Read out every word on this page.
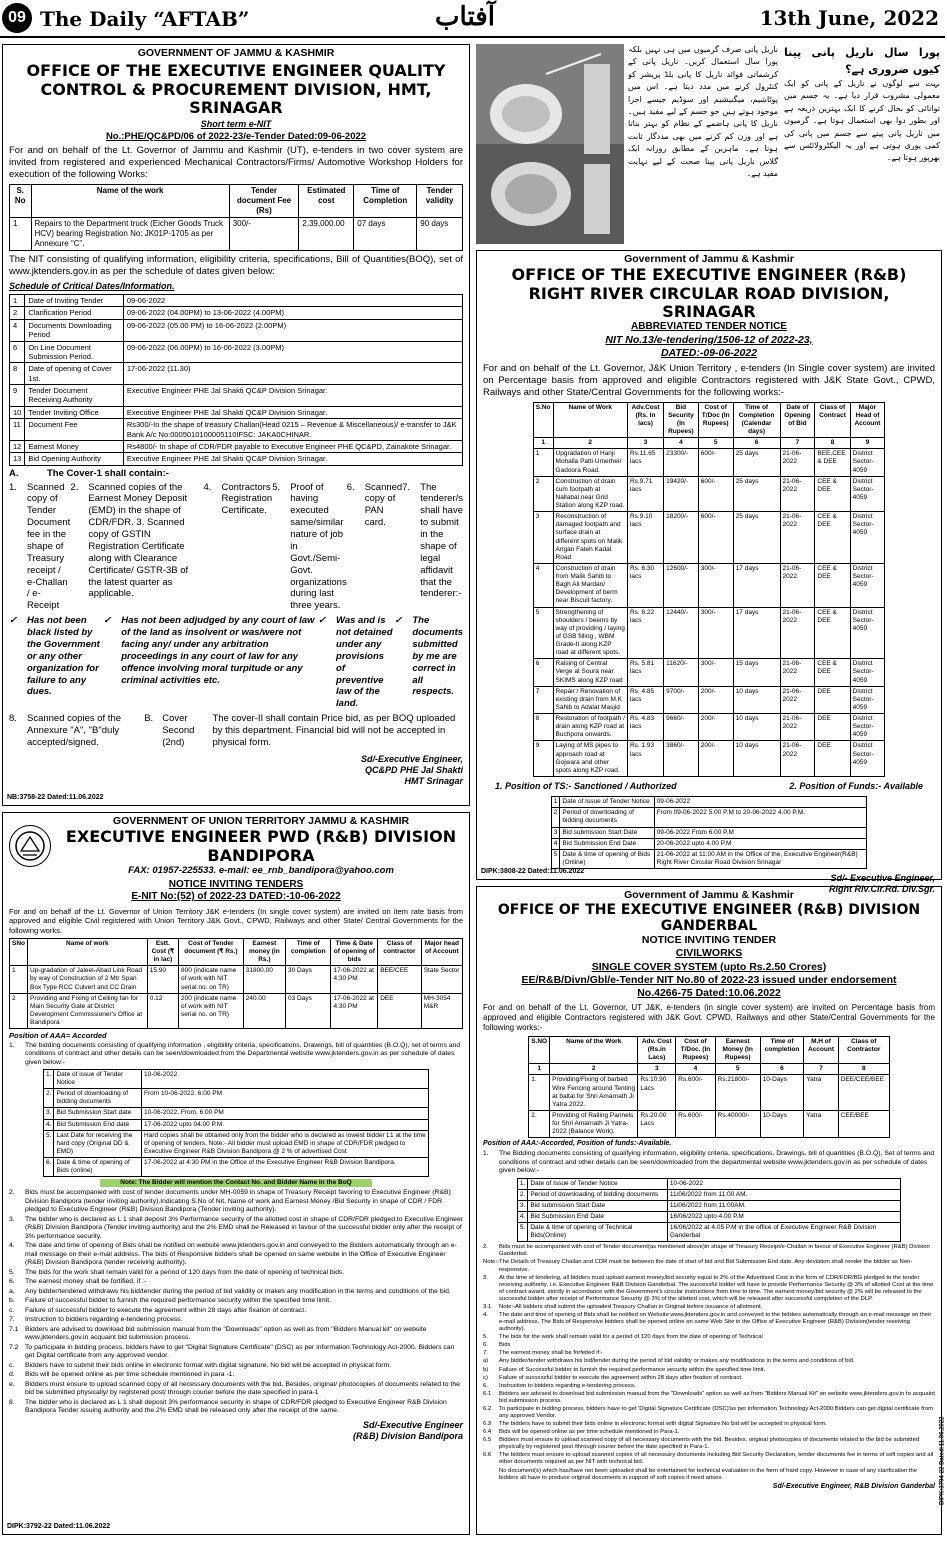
09 The Daily “AFTAB”	آفتاب	13th June, 2022
ناریل پانی صرف گرمیوں میں ہی نہیں بلکہ پورا سال استعمال کریں۔ ناریل پانی کے کرشماتی فوائد ناریل کا پانی بلڈ پریشر کو کنٹرول کرنے میں مدد دیتا ہے۔ اس میں پوٹاشیم، میگنیشیم اور سوڈیم جیسے اجزا موجود ہوتے ہیں جو جسم کے لیے مفید ہیں۔ ناریل کا پانی ہاضمے کے نظام کو بہتر بناتا ہے اور وزن کم کرنے میں بھی مددگار ثابت ہوتا ہے۔ ماہرین کے مطابق روزانہ ایک گلاس ناریل پانی پینا صحت کے لیے نہایت مفید ہے۔
پورا سال ناریل پانی پینا کیوں ضروری ہے؟
بہت سے لوگوں نے ناریل کے پانی کو ایک معمولی مشروب قرار دیا ہے۔ یہ جسم میں توانائی کو بحال کرنے کا ایک بہترین ذریعہ ہے اور بطور دوا بھی استعمال ہوتا ہے۔ گرمیوں میں ناریل پانی پینے سے جسم میں پانی کی کمی پوری ہوتی ہے اور یہ الیکٹرولائٹس سے بھرپور ہوتا ہے۔
GOVERNMENT OF JAMMU & KASHMIR
OFFICE OF THE EXECUTIVE ENGINEER QUALITY CONTROL & PROCUREMENT DIVISION, HMT, SRINAGAR
Short term e-NIT
No.:PHE/QC&PD/06 of 2022-23/e-Tender Dated:09-06-2022

For and on behalf of the Lt. Governor of Jammu and Kashmir (UT), e-tenders in two cover system are invited from registered and experienced Mechanical Contractors/Firms/ Automotive Workshop Holders for execution of the following Works:

S. No	Name of the work	Tender document Fee (Rs)	Estimated cost	Time of Completion	Tender validity
1	Repairs to the Department truck (Eicher Goods Truck HCV) bearing Registration No: JK01P-1705 as per Annexure “C”.	300/-	2,39,000.00	07 days	90 days

The NIT consisting of qualifying information, eligibility criteria, specifications, Bill of Quantities(BOQ), set of www.jktenders.gov.in as per the schedule of dates given below:

Schedule of Critical Dates/Information.
1	Date of Inviting Tender	09-06-2022
2	Clarification Period	09-06-2022 (04.00PM) to 13-06-2022 (4.00PM)
4	Documents Downloading Period	09-06-2022 (05.00 PM) to 16-06-2022 (2.00PM)
6	On Line Document Submission Period.	09-06-2022 (06.00PM) to 16-06-2022 (3.00PM)
8	Date of opening of Cover 1st.	17-06-2022 (11.30)
9	Tender Document Receiving Authority	Executive Engineer PHE Jal Shakti QC&P Division Srinagar.
10	Tender Inviting Office	Executive Engineer PHE Jal Shakti QC&P Division Srinagar.
11	Document Fee	Rs300/-In the shape of treasury Challan(Head 0215 – Revenue & Miscellaneous)/ e-transfer to J&K Bank A/c No:0005010100005110IFSC: JAKA0CHINAR.
12	Earnest Money	Rs4800/- In shape of CDR/FDR payable to Executive Engineer PHE QC&PD, Zainakote Srinagar.
13	Bid Opening Authority	Executive Engineer PHE Jal Shakti QC&P Division Srinagar.
A.	The Cover-1 shall contain:-
1.	Scanned copy of Tender Document fee in the shape of Treasury receipt / e-Challan / e-Receipt
2.	Scanned copies of the Earnest Money Deposit (EMD) in the shape of CDR/FDR. 3. Scanned copy of GSTIN Registration Certificate along with Clearance Certificate/ GSTR-3B of the latest quarter as applicable.
4.	Contractors Registration Certificate.
5.	Proof of having executed same/similar nature of job in Govt./Semi-Govt. organizations during last three years.
6.	Scanned copy of PAN card.
7.	The tenderer/s shall have to submit in the shape of legal affidavit that the tenderer:-
✓	Has not been black listed by the Government or any other organization for failure to any dues.
✓	Has not been adjudged by any court of law of the land as insolvent or was/were not facing any/ under any arbitration proceedings in any court of law for any offence involving moral turpitude or any criminal activities etc.
✓	Was and is not detained under any provisions of preventive law of the land.
✓	The documents submitted by me are correct in all respects.
8.	Scanned copies of the Annexure "A", "B"duly accepted/signed.
B. Cover Second (2nd)
The cover-II shall contain Price bid, as per BOQ uploaded by this department. Financial bid will not be accepted in physical form.
Sd/-Executive Engineer,
QC&PD PHE Jal Shakti
HMT Srinagar
NB:3758-22 Dated:11.06.2022
GOVERNMENT OF UNION TERRITORY JAMMU & KASHMIR
EXECUTIVE ENGINEER PWD (R&B) DIVISION BANDIPORA
FAX: 01957-225533. e-mail: ee_rnb_bandipora@yahoo.com
NOTICE INVITING TENDERS
E-NIT No:(52) of 2022-23 DATED:-10-06-2022

For and on behalf of the Lt. Governor of Union Territory J&K e-tenders (In single cover system) are invited on item rate basis from approved and eligible Civil registered with Union Territory J&K Govt., CPWD, Railways and other State/ Central Governments for the following works.

SNo	Name of work	Estt. Cost (₹ in lac)	Cost of Tender document (₹ Rs.)	Earnest money (in Rs.)	Time of completion	Time & Date of opening of bids	Class of contractor	Major head of Account
1	Up-gradation of Jaleel-Abad Link Road by way of Construction of 2 Mtr Span Box Type RCC Culvert and CC Drain	15.90	800 (indicate name of work with NIT serial no. on TR)	31800.00	30 Days	17-06-2022 at 4:30 PM	BEE/CEE	State Sector
2	Providing and Fixing of Ceiling fan for Main Security Gate at District Development Commissioner's Office at Bandipora	0.12	200 (indicate name of work with NIT serial no. on TR)	240.00	03 Days	17-06-2022 at 4:30 PM	DEE	MH-3054 M&R
Position of AAA= Accorded
1.	The bidding documents consisting of qualifying information , eligibility criteria, specifications, Drawings, bill of quantities (B.O.Q), set of terms and conditions of contract and other details can be seen/downloaded from the Departmental website www.jktenders.gov.in as per schedule of dates given below:-
1.	Date of issue of Tender Notice	10-06-2022
2.	Period of downloading of bidding documents	From 10-06-2022. 6:00 PM
3.	Bid Submission Start date	10-06-2022. From. 6:00 PM
4.	Bid Submission End date	17-06-2022 upto 04.00 P.M.
5.	Last Date for receiving the hard copy (Original DD & EMD)	Hard copies shall be obtained only from the bidder who is declared as lowest bidder L1 at the time of opening of tenders. Note:- All bidder must upload EMD in shape of CDR/FDR pledged to Executive Engineer R&B Division Bandipora @ 2 % of advertised Cost
6.	Date & time of opening of Bids (online)	17-06-2022 at 4:30 PM in the Office of the Executive Engineer R&B Division Bandipora.
Note: The Bidder will mention the Contact No. and Bidder Name in the BoQ
2.	Bids must be accompanied with cost of tender documents under MH-0059 in shape of Treasury Receipt favoring to Executive Engineer (R&B) Division Bandipora (tender inviting authority).Indicating S.No of Nit, Name of work and Earnest Money /Bid Security in shape of CDR / FDR pledged to Executive Engineer (R&B) Division Bandipora (Tender inviting authority).
3.	The bidder who is declared as L 1 shall deposit 3% Performance security of the allotted cost in shape of CDR/FDR pledged to Executive Engineer (R&B) Division Bandipora (Tender inviting authority) and the 2% EMD shall be Released in favour of the successful bidder only after the receipt of 3% performance security.
4.	The date and time of opening of Bids shall be notified on website www.jktenders.gov.in and conveyed to the Bidders automatically through an e-mail message on their e-mail address. The bids of Responsive bidders shall be opened on same website in the Office of Executive Engineer (R&B) Division Bandipora (tender receiving authority).
5.	The bids for the work shall remain valid for a period of 120 days from the date of opening of technical bids.
6.	The earnest money shall be fortified, if :-
a.	Any bidder/tendered withdraws his bid/tender during the period of bid validity or makes any modification in the terms and conditions of the bid.
b.	Failure of successful bidder to furnish the required performance security within the specified time limit.
c.	Failure of successful bidder to execute the agreement within 28 days after fixation of contract.
7.	Instruction to bidders regarding e-tendering process.
7.1 Bidders are advised to download bid submission manual from the "Downloads" option as well as from "Bidders Manual kit" on website www.jktenders.gov.in acquaint bid submission process.
7.2 To participate in bidding process, bidders have to get "Digital Signature Certificate" (DSC) as per information Technology Act-2000. Bidders can get Digital certificate from any approved vendor.
c.	Bidders have to submit their bids online in electronic format with digital signature. No bid will be accepted in physical form.
d.	Bids will be opened online as per time schedule mentioned in para -1.
e.	Bidders must ensure to upload scanned copy of all necessary documents with the bid. Besides, original/ photocopies of documents related to the bid be submitted physically/ by registered post/ through courier before the date specified in para-1
8.	The bidder who is declared as L 1 shall deposit 3% performance security in shape of CDR/FDR pledged to Executive Engineer R&B Division Bandipora Tender issuing authority and the 2% EMD shall be released only after the receipt of the same.
Sd/-Executive Engineer
(R&B) Division Bandipora
DIPK:3792-22 Dated:11.06.2022
Government of Jammu & Kashmir
OFFICE OF THE EXECUTIVE ENGINEER (R&B) RIGHT RIVER CIRCULAR ROAD DIVISION, SRINAGAR
ABBREVIATED TENDER NOTICE
NIT No.13/e-tendering/1506-12 of 2022-23,
DATED:-09-06-2022

For and on behalf of the Lt. Governor, J&K Union Territory , e-tenders (In Single cover system) are invited on Percentage basis from approved and eligible Contractors registered with J&K State Govt., CPWD, Railways and other State/Central Governments for the following works:-

S.No	Name of Work	Adv.Cost (Rs. In lacs)	Bid Security (In Rupees)	Cost of T/Doc (In Rupees)	Time of Completion (Calendar days)	Date of Opening of Bid	Class of Contract	Major Head of Account
1	2	3	4	5	6	7	8	9
1	Upgradation of Hanji Mohalla Patti Umerheir Gadoora Road.	Rs.11.65 lacs	23300/-	600/-	25 days	21-06-2022	BEE,CEE & DEE	District Sector-4059
2	Construction of drain cum footpath at Nallabal near Grid Station along KZP road.	Rs.9.71 lacs	19420/-	600/-	25 days	21-06-2022	CEE & DEE	District Sector-4059
3	Reconstruction of damaged footpath and surface drain at different spots on Malik Angan Fateh Kadal Road	Rs.9.10 lacs	18200/-	600/-	25 days	21-06-2022	CEE & DEE	District Sector-4059
4	Construction of drain from Malik Sahib to Bagh Ali Mardan/ Development of berm near Biscuit factory.	Rs. 6.30 lacs	12600/-	300/-	17 days	21-06-2022	CEE & DEE	District Sector-4059
5	Strengthening of shoulders / beems by way of providing / laying of GSB filling , WBM Grade-II along KZP road at different spots.	Rs. 6.22 lacs	12440/-	300/-	17 days	21-06-2022	CEE & DEE	District Sector-4059
6	Raising of Central Verge at Soura near SKIMS along KZP road	Rs. 5.81 lacs	11620/-	300/-	15 days	21-06-2022	CEE & DEE	District Sector-4059
7	Repair / Renovation of existing drain from M.K Sahib to Adalat Masjid	Rs. 4.85 lacs	9700/-	200/-	10 days	21-06-2022	DEE	District Sector-4059
8	Restoration of footpath / drain along KZP road at Buchpora onwards.	Rs. 4.83 lacs	9660/-	200/-	10 days	21-06-2022	DEE	District Sector-4059
9	Laying of MS pipes to approach road at Gojwara and other spots along KZP road.	Rs. 1.93 lacs	3860/-	200/-	10 days	21-06-2022	DEE	District Sector-4059
1. Position of TS:- Sanctioned / Authorized	2. Position of Funds:- Available
1	Date of Issue of Tender Notice	09-06-2022
2	Period of downloading of bidding documents	From 09-06-2022 5.00 P.M to 20-06-2022 4.00 P.M.
3	Bid submission Start Date	09-06-2022 From 6.00 P.M
4	Bid Submission End Date	20-06-2022 upto 4.00 P.M
5	Date & time of opening of Bids (Online)	21-06-2022 at 11:00 AM in the Office of the, Executive Engineer(R&B) Right River Circular Road Division Srinagar
Sd/- Executive Engineer,
Right Riv.Cir.Rd. Div.Sgr.
DIPK:3808-22 Dated:11.06.2022
Government of Jammu & Kashmir
OFFICE OF THE EXECUTIVE ENGINEER (R&B) DIVISION GANDERBAL
NOTICE INVITING TENDER
CIVILWORKS
SINGLE COVER SYSTEM (upto Rs.2.50 Crores)
EE/R&B/Divn/Gbl/e-Tender NIT No.80 of 2022-23 issued under endorsement
No.4266-75 Dated:10.06.2022

For and on behalf of the Lt. Governor, UT J&K, e-tenders (in single cover system) are invited on Percentage basis from approved and eligible Contractors registered with J&K Govt. CPWD, Railways and other State/Central Governments for the following works:-

S.NO	Name of the Work	Adv. Cost (Rs.in Lacs)	Cost of T/Doc. (In Rupees)	Earnest Money (In Rupees)	Time of completion	M.H of Account	Class of Contractor
1	2	3	4	5	6	7	8
1.	Providing/Fixing of barbed Wire Fencing around Tenting at baltal for Shri Amarnath Ji Yatra 2022.	Rs.10.90 Lacs	Rs.600/-	Rs.21800/-	10-Days	Yatra	DEE/CEE/BEE
2.	Providing of Railing Pannels for Shri Amarnath Ji Yatra-2022 (Balance Work).	Rs.20.00 Lacs	Rs.600/-	Rs.40000/-	10-Days	Yatra	CEE/BEE
Position of AAA:-Accorded, Position of funds:-Available.
1.	The Bidding documents consisting of qualifying information, eligibility criteria, specifications, Drawings, bill of quantities (B.O.Q), Set of terms and conditions of contract and other details can be seen/downloaded from the departmental website www.jktenders.gov.in as per schedule of dates given below:-
1.	Date of Issue of Tender Notice	10-06-2022
2.	Period of downloading of bidding documents	11/06/2022 from 11:00 AM.
3.	Bid submission Start Date	11/06/2022 from 11:00AM.
4.	Bid Submission End Date	16/06/2022 upto 4.00 P.M
5.	Date & time of opening of Technical Bids(Online)	16/06/2022 at 4.05 P.M in the office of Executive Engineer R&B Division Ganderbal
2.	Bids must be accompanied with cost of Tender document(as mentioned above)in shape of Treasury Receipt/e-Challan in favour of Executive Engineer (R&B) Division Ganderbal.
Note:- The Details of Treasury Challan and CDR must be between the date of start of bid and Bid Submission End date. Any deviation shall render the bidder as Non-responsive.
3.	At the time of tendering, all bidders must upload earnest money/bid security equal to 2% of the Advertised Cost in the form of CDR/FDR/BG pledged to the tender receiving authority. i.e. Executive Engineer R&B Division Ganderbal. The successful bidder will have to provide Performance Security @ 3% of allotted Cost at the time of contract award, strictly in accordance with the Government's circular instructions from time to time. The earnest money/bid security @ 2% will be released to the successful bidder after receipt of Performance Security @ 3% of the allotted cost, which will be released after successful completion of the DLP.
3.1	Note:-All bidders shall submit the uploaded Treasury Challan in Original before issuance of allotment.
4.	The date and time of opening of Bids shall be notified on Website www.jktenders.gov.in and conveyed to the bidders automatically through an e-mail message on their e-mail address. The Bids of Responsive bidders shall be opened online on same Web Site in the Office of Executive Engineer (R&B) Division(tender receiving authority).
5.	The bids for the work shall remain valid for a period of 120 days from the date of opening of Technical
6.	Bids
7.	The earnest money shall be forfeited if:-
a)	Any bidder/tender withdraws his bid/tender during the period of bid validity or makes any modifications in the terms and conditions of bid.
b)	Failure of Successful bidder to furnish the required performance security within the specified time limit.
c)	Failure of successful bidder to execute the agreement within 28 days after fixation of contract.
6.	Instruction to bidders regarding e-tendering process.
6.1	Bidders are advised to download bid submission manual from the "Downloads" option as well as from "Bidders Manual Kit" on website www.jktenders.gov.in to acquaint bid submission process.
6.2	To participate in bidding process, bidders have to get 'Digital Signature Certificate (DSC)'as per information Technology Act-2000.Bidders can get digital certificate from any approved Vendor.
6.3	The bidders have to submit their bids online in electronic format with digital Signature.No bid will be accepted in physical form.
6.4	Bids will be opened online as per time schedule mentioned in Para-1.
6.5	Bidders must ensure to upload scanned copy of all necessary documents with the bid. Besides, original photocopies of documents related to the bid be submitted physically by registered post /through courier before the date specified in Para-1.
6.6	The bidders must ensure to upload scanned copies of all necessary documents including Bid Security Declaration, tender documents fee in terms of soft copies and all other documents required as per NIT with technical bid.
No document(s) which has/have not been uploaded shall be entertained for technical evaluation in the form of hard copy. However in case of any clarification the bidders all have to produce original documents in support of soft copies if need arises.
Sd/-Executive Engineer, R&B Division Ganderbal DIPK:3794-22 Dated:11.06.2022
